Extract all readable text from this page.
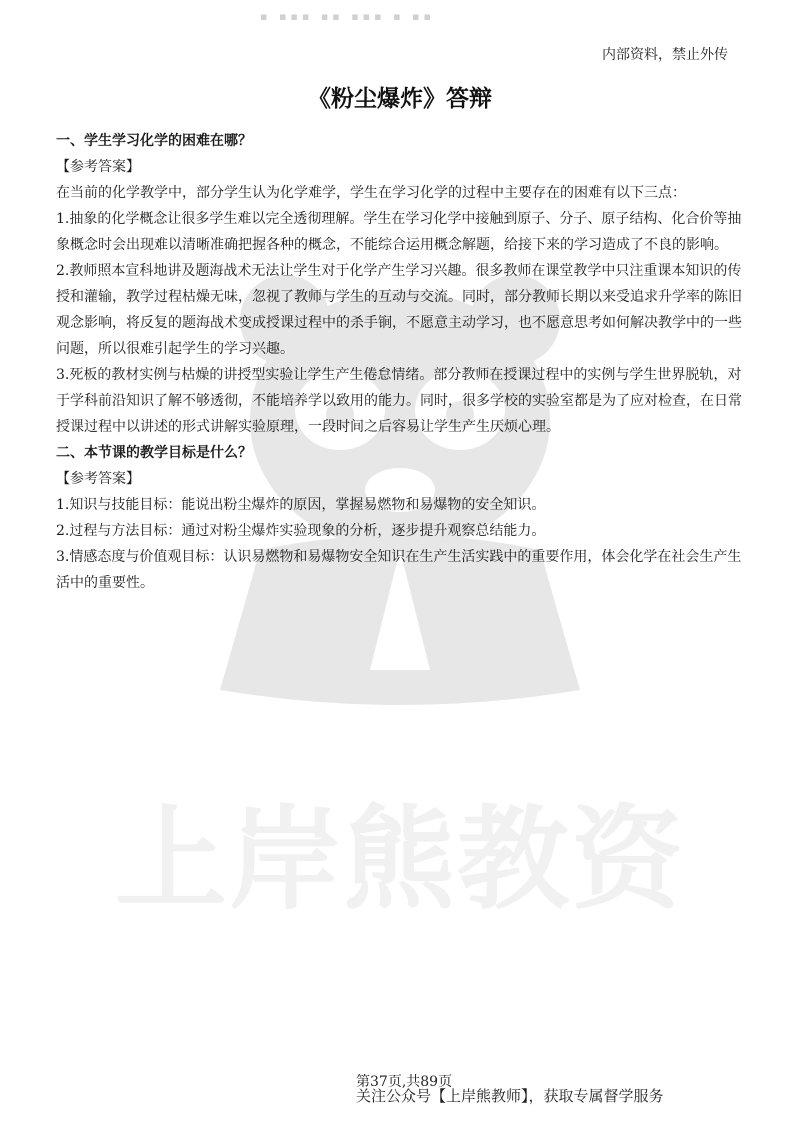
▪ ▪▪▪ ▪▪ ▪▪▪ ▪ ▪▪
上岸熊教资
内部资料，禁止外传
《粉尘爆炸》答辩

一、学生学习化学的困难在哪？

【参考答案】

在当前的化学教学中，部分学生认为化学难学，学生在学习化学的过程中主要存在的困难有以下三点：

1.抽象的化学概念让很多学生难以完全透彻理解。学生在学习化学中接触到原子、分子、原子结构、化合价等抽象概念时会出现难以清晰准确把握各种的概念，不能综合运用概念解题，给接下来的学习造成了不良的影响。

2.教师照本宣科地讲及题海战术无法让学生对于化学产生学习兴趣。很多教师在课堂教学中只注重课本知识的传授和灌输，教学过程枯燥无味，忽视了教师与学生的互动与交流。同时，部分教师长期以来受追求升学率的陈旧观念影响，将反复的题海战术变成授课过程中的杀手锏，不愿意主动学习，也不愿意思考如何解决教学中的一些问题，所以很难引起学生的学习兴趣。

3.死板的教材实例与枯燥的讲授型实验让学生产生倦怠情绪。部分教师在授课过程中的实例与学生世界脱轨，对于学科前沿知识了解不够透彻，不能培养学以致用的能力。同时，很多学校的实验室都是为了应对检查，在日常授课过程中以讲述的形式讲解实验原理，一段时间之后容易让学生产生厌烦心理。

二、本节课的教学目标是什么？

【参考答案】

1.知识与技能目标：能说出粉尘爆炸的原因，掌握易燃物和易爆物的安全知识。

2.过程与方法目标：通过对粉尘爆炸实验现象的分析，逐步提升观察总结能力。

3.情感态度与价值观目标：认识易燃物和易爆物安全知识在生产生活实践中的重要作用，体会化学在社会生产生活中的重要性。

第37页,共89页
关注公众号【上岸熊教师】，获取专属督学服务
